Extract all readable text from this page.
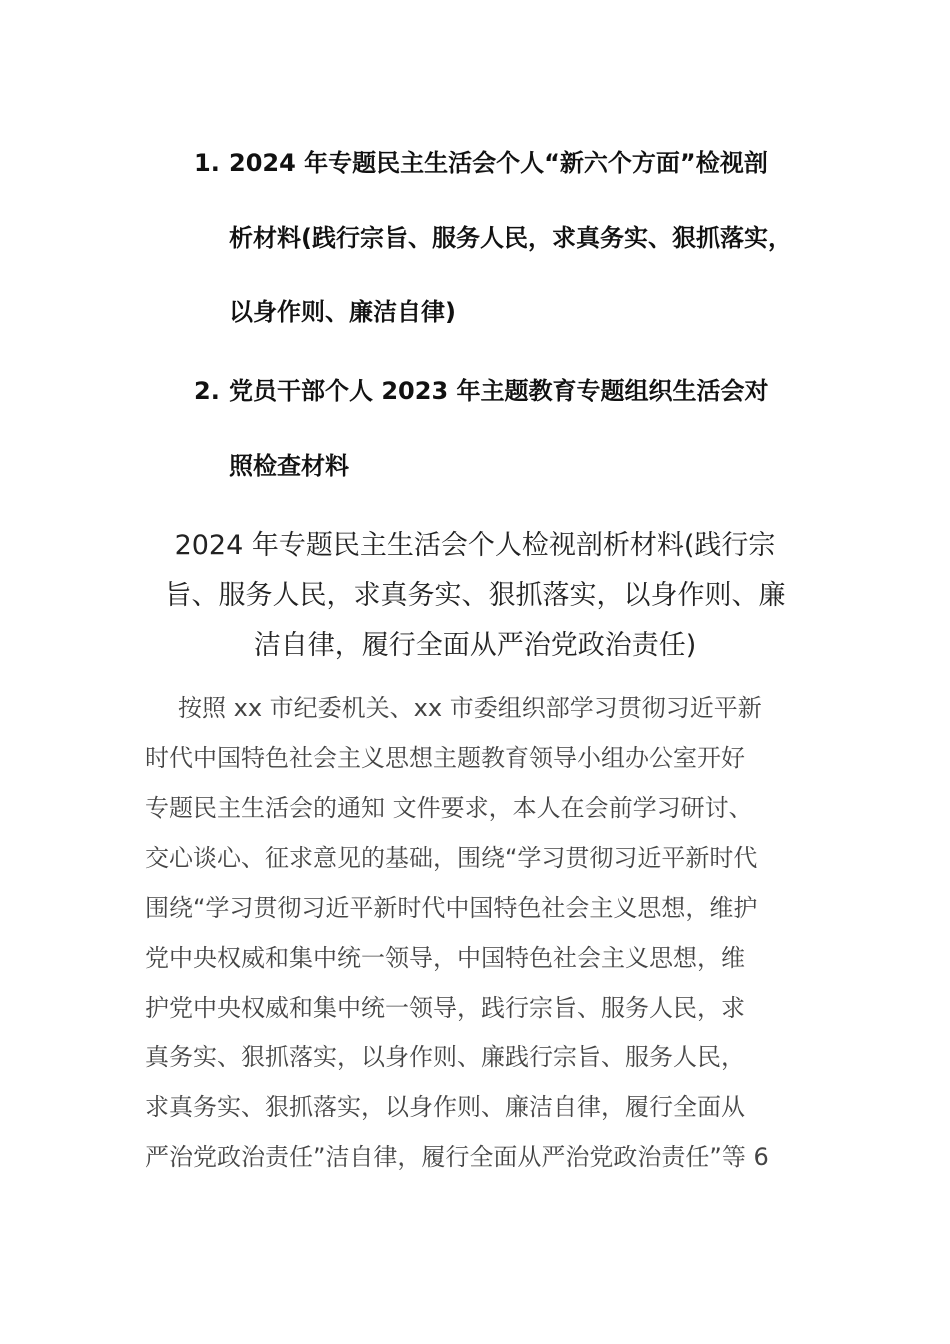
1. 2024 年专题民主生活会个人“新六个方面”检视剖
析材料(践行宗旨、服务人民，求真务实、狠抓落实，
以身作则、廉洁自律)
2. 党员干部个人 2023 年主题教育专题组织生活会对
照检查材料
2024 年专题民主生活会个人检视剖析材料(践行宗
旨、服务人民，求真务实、狠抓落实，以身作则、廉
洁自律，履行全面从严治党政治责任)
按照 xx 市纪委机关、xx 市委组织部学习贯彻习近平新
时代中国特色社会主义思想主题教育领导小组办公室开好
专题民主生活会的通知 文件要求，本人在会前学习研讨、
交心谈心、征求意见的基础，围绕“学习贯彻习近平新时代
围绕“学习贯彻习近平新时代中国特色社会主义思想，维护
党中央权威和集中统一领导，中国特色社会主义思想，维
护党中央权威和集中统一领导，践行宗旨、服务人民，求
真务实、狠抓落实，以身作则、廉践行宗旨、服务人民，
求真务实、狠抓落实，以身作则、廉洁自律，履行全面从
严治党政治责任”洁自律，履行全面从严治党政治责任”等 6
